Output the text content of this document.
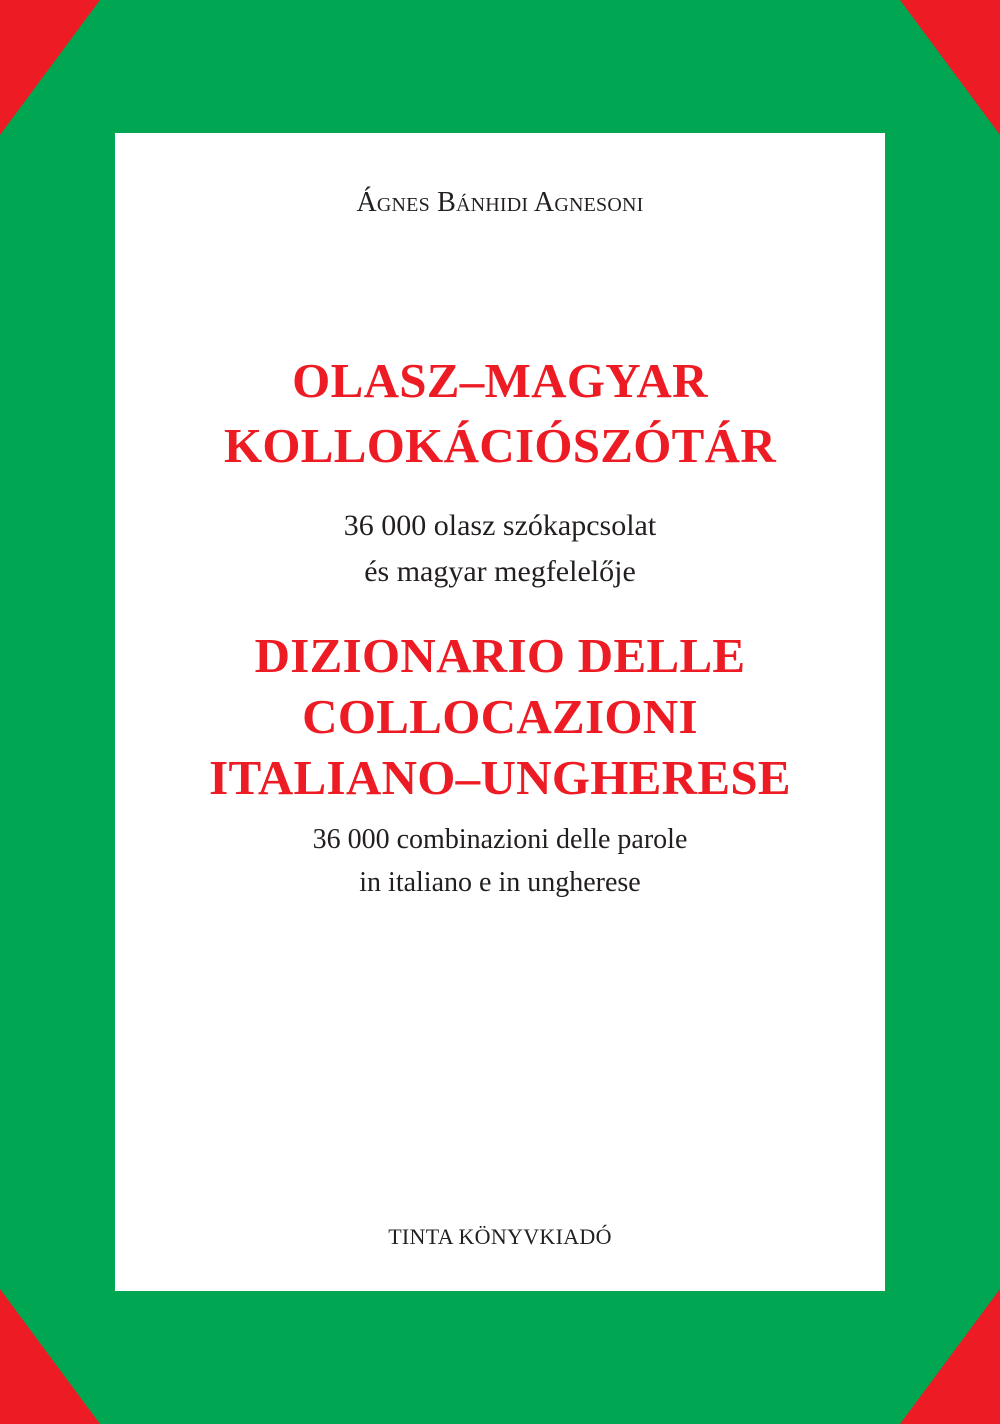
Ágnes Bánhidi Agnesoni
OLASZ–MAGYAR
KOLLOKÁCIÓSZÓTÁR
36 000 olasz szókapcsolat
és magyar megfelelője
DIZIONARIO DELLE
COLLOCAZIONI
ITALIANO–UNGHERESE
36 000 combinazioni delle parole
in italiano e in ungherese
TINTA KÖNYVKIADÓ
